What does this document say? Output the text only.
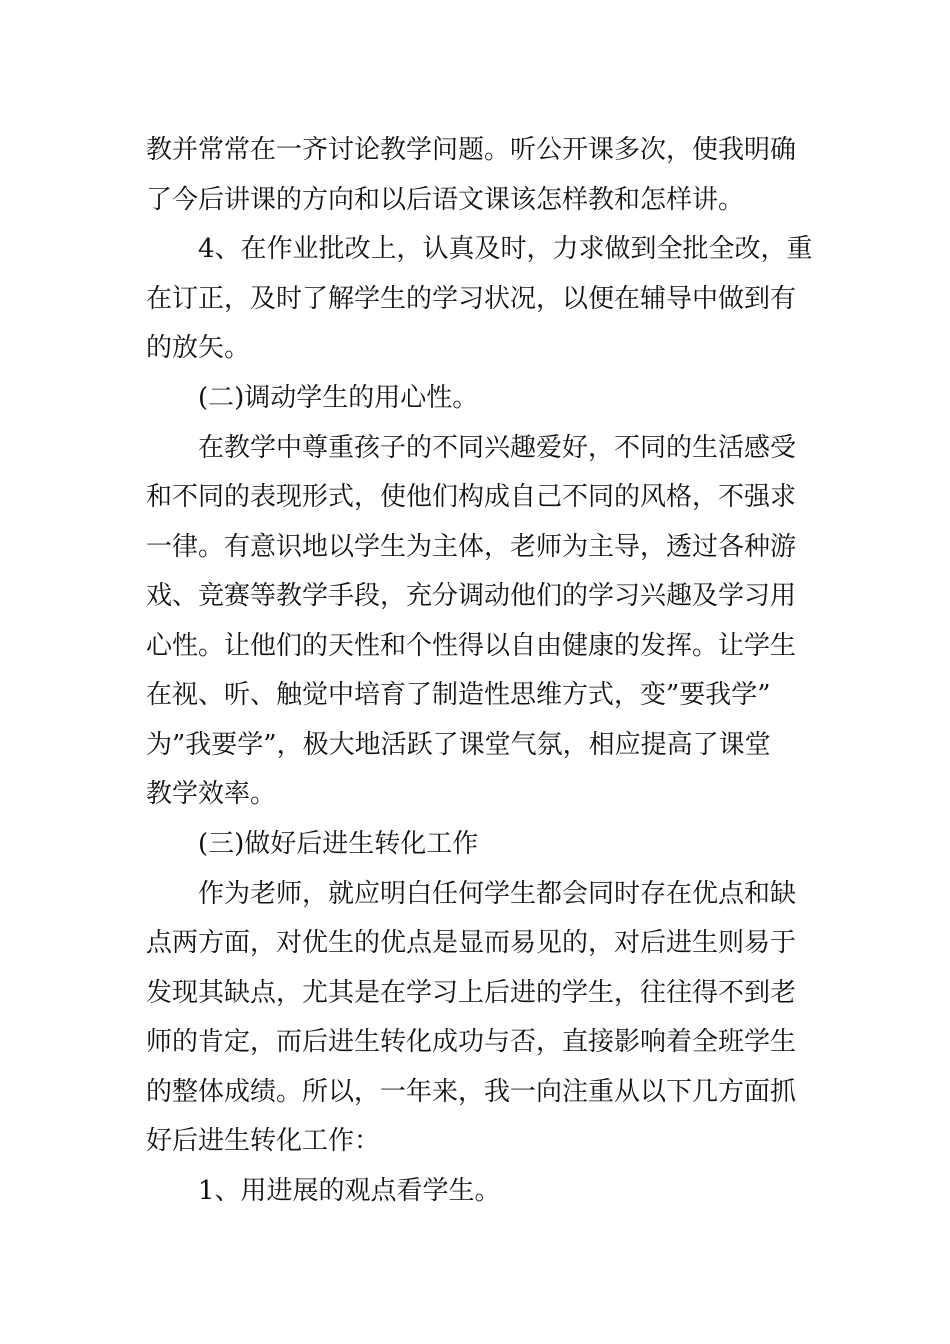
教并常常在一齐讨论教学问题。听公开课多次，使我明确
了今后讲课的方向和以后语文课该怎样教和怎样讲。
4、在作业批改上，认真及时，力求做到全批全改，重
在订正，及时了解学生的学习状况，以便在辅导中做到有
的放矢。
(二)调动学生的用心性。
在教学中尊重孩子的不同兴趣爱好，不同的生活感受
和不同的表现形式，使他们构成自己不同的风格，不强求
一律。有意识地以学生为主体，老师为主导，透过各种游
戏、竞赛等教学手段，充分调动他们的学习兴趣及学习用
心性。让他们的天性和个性得以自由健康的发挥。让学生
在视、听、触觉中培育了制造性思维方式，变”要我学”
为”我要学”，极大地活跃了课堂气氛，相应提高了课堂
教学效率。
(三)做好后进生转化工作
作为老师，就应明白任何学生都会同时存在优点和缺
点两方面，对优生的优点是显而易见的，对后进生则易于
发现其缺点，尤其是在学习上后进的学生，往往得不到老
师的肯定，而后进生转化成功与否，直接影响着全班学生
的整体成绩。所以，一年来，我一向注重从以下几方面抓
好后进生转化工作：
1、用进展的观点看学生。
